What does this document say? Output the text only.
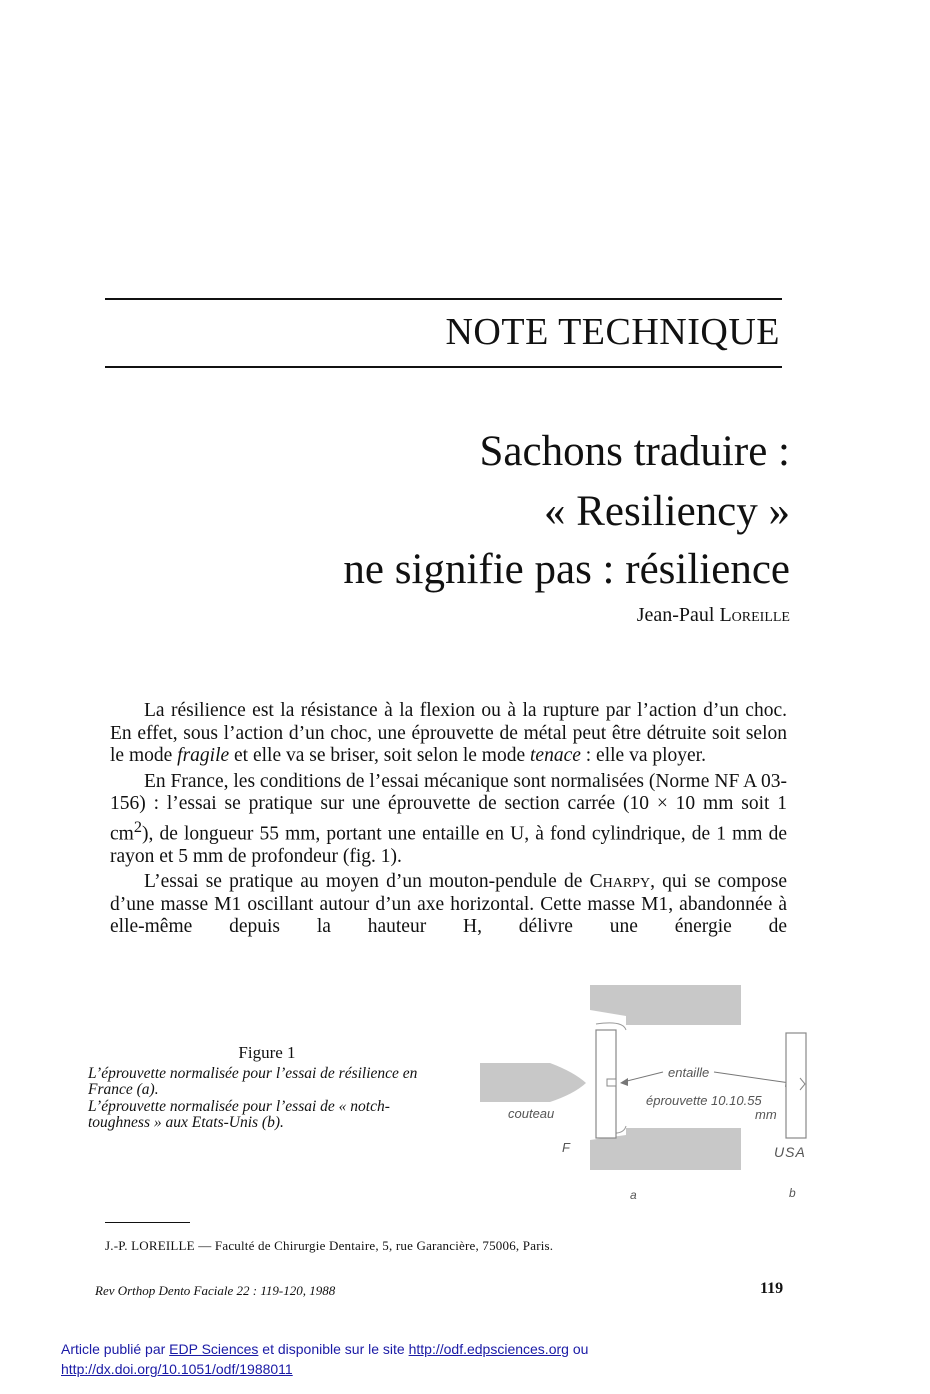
NOTE TECHNIQUE
Sachons traduire :
« Resiliency »
ne signifie pas : résilience
Jean-Paul Loreille

La résilience est la résistance à la flexion ou à la rupture par l’action d’un choc. En effet, sous l’action d’un choc, une éprouvette de métal peut être détruite soit selon le mode fragile et elle va se briser, soit selon le mode tenace : elle va ployer.

En France, les conditions de l’essai mécanique sont normalisées (Norme NF A 03-156) : l’essai se pratique sur une éprouvette de section carrée (10 × 10 mm soit 1 $cm^2$), de longueur 55 mm, portant une entaille en U, à fond cylindrique, de 1 mm de rayon et 5 mm de profondeur (fig. 1).

L’essai se pratique au moyen d’un mouton-pendule de Charpy, qui se compose d’une masse M1 oscillant autour d’un axe horizontal. Cette masse M1, abandonnée à elle-même depuis la hauteur H, délivre une énergie de

Figure 1
L’éprouvette normalisée pour l’essai de résilience en France (a).
L’éprouvette normalisée pour l’essai de « notch-toughness » aux Etats-Unis (b).
entaille
éprouvette 10.10.55
mm
couteau
F	USA
a	b
J.-P. LOREILLE — Faculté de Chirurgie Dentaire, 5, rue Garancière, 75006, Paris.
Rev Orthop Dento Faciale 22 : 119-120, 1988	119
Article publié par EDP Sciences et disponible sur le site http://odf.edpsciences.org ou
http://dx.doi.org/10.1051/odf/1988011
